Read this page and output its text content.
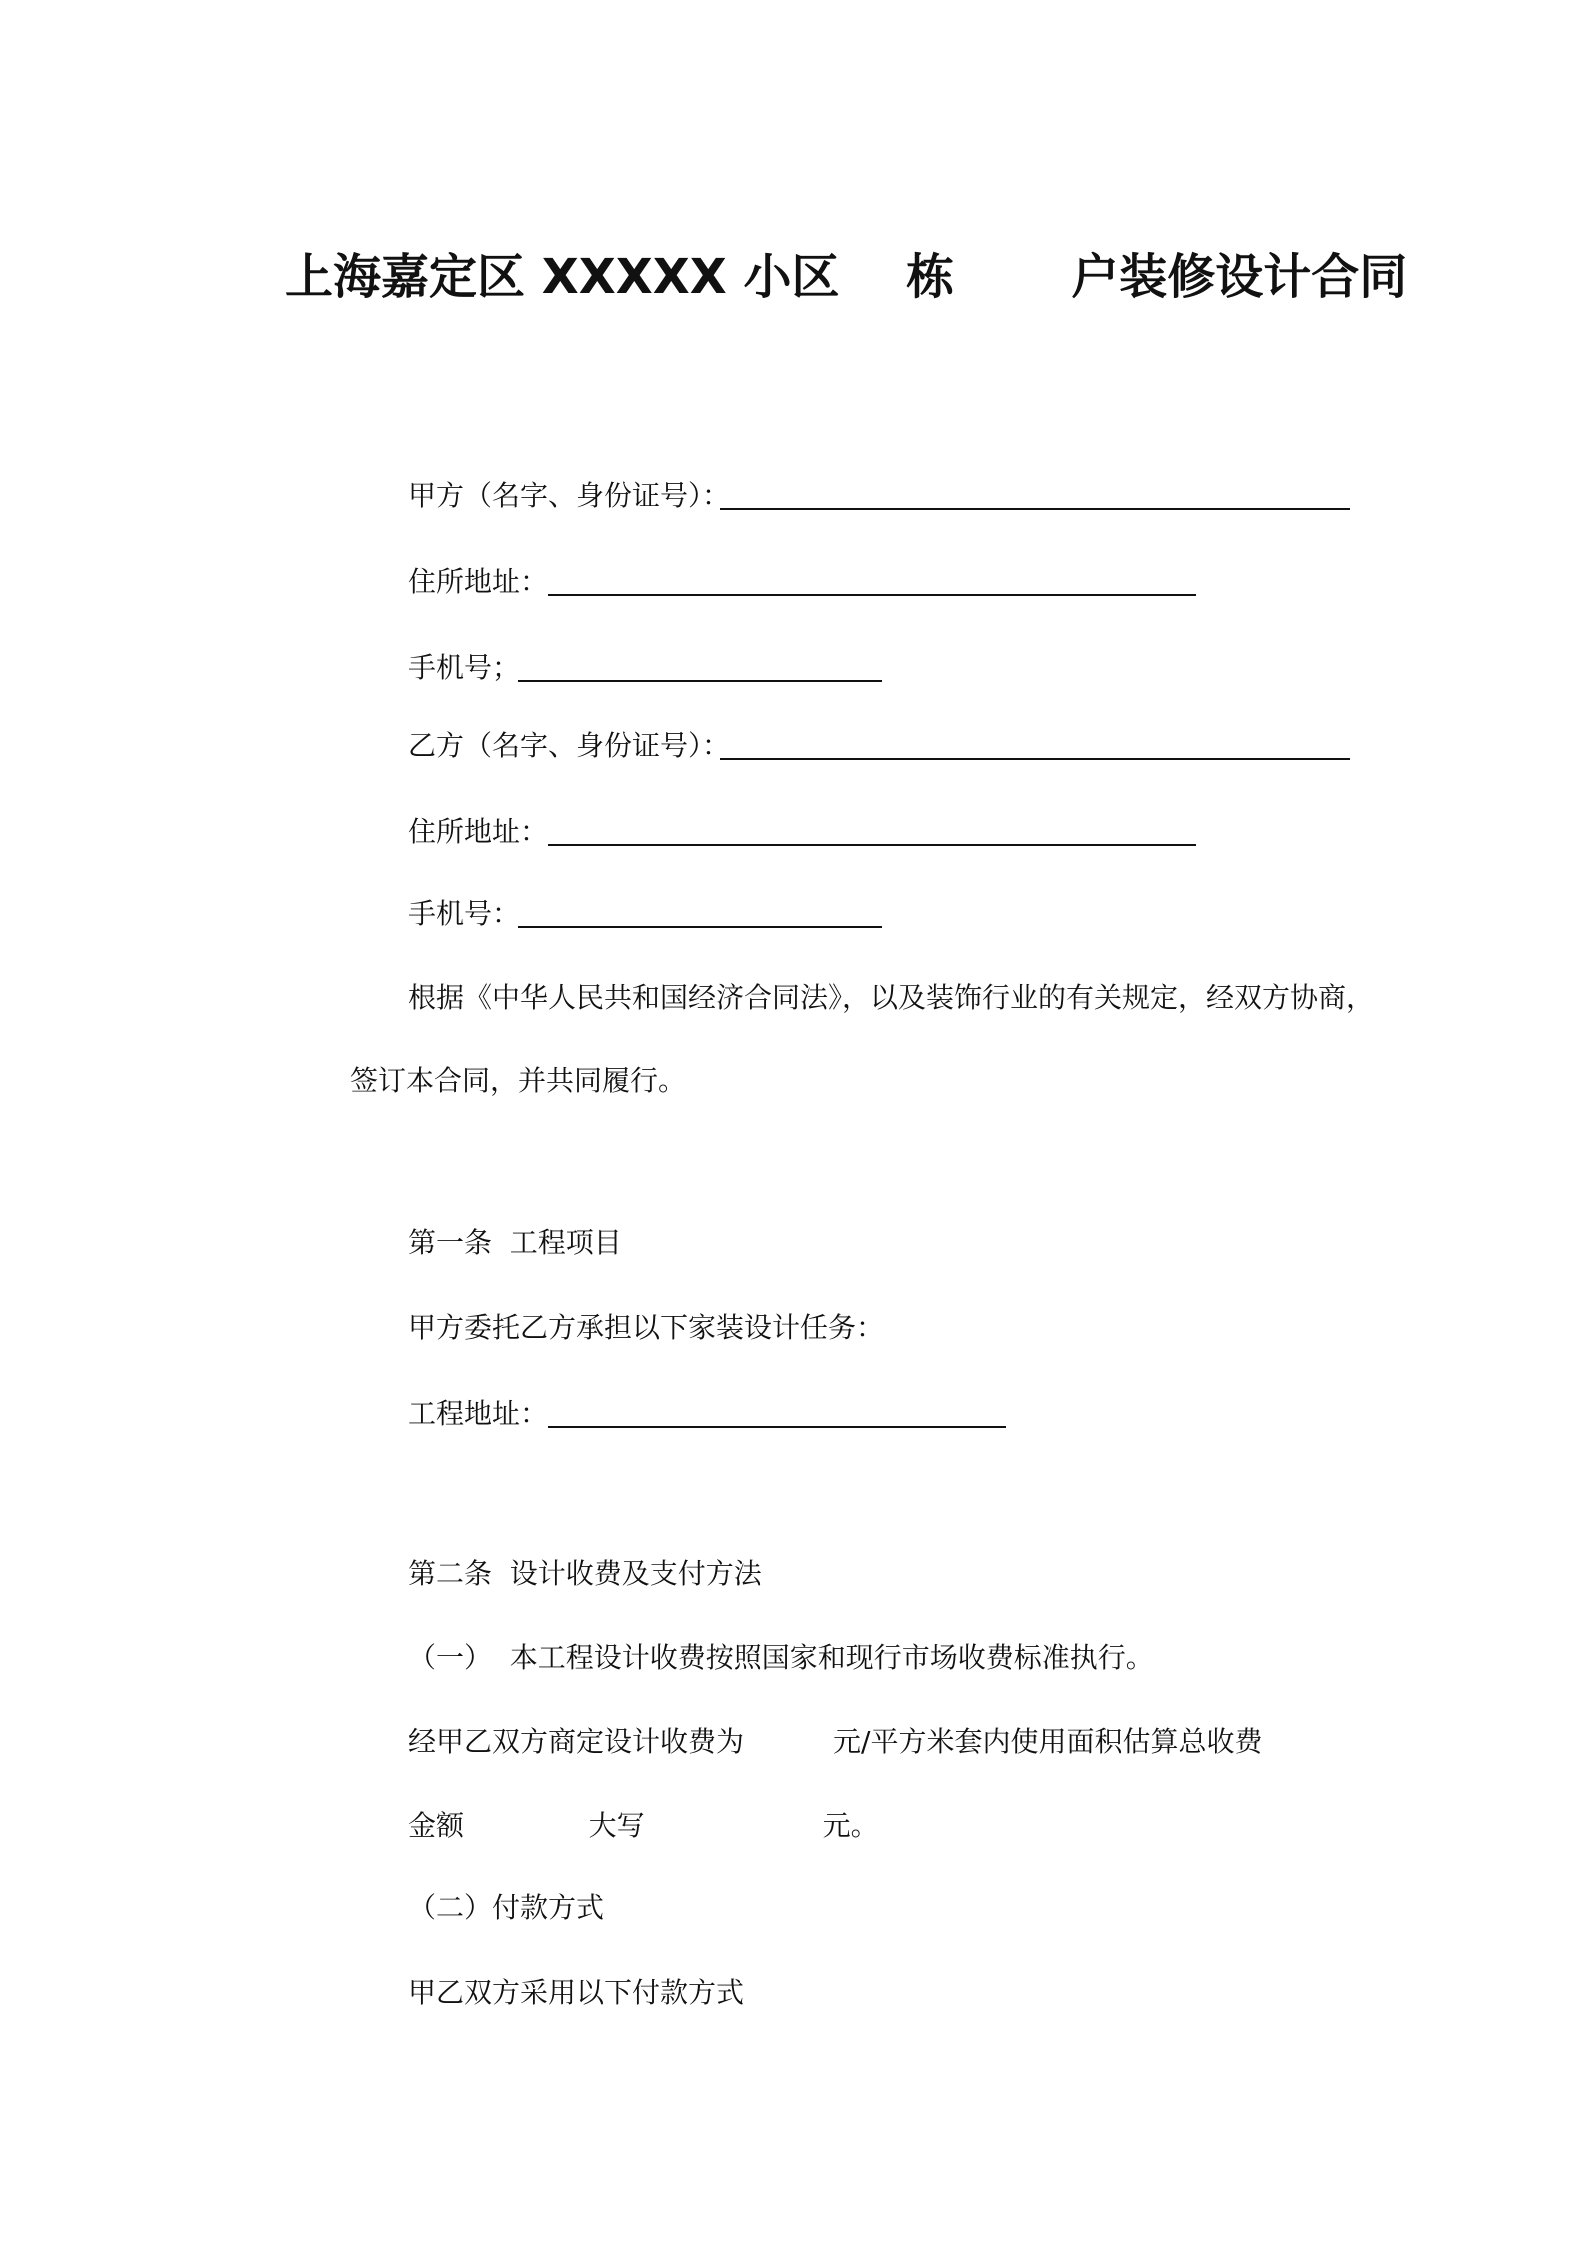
上海嘉定区 XXXXX 小区    栋       户装修设计合同
甲方（名字、身份证号）：
住所地址：
手机号；
乙方（名字、身份证号）：
住所地址：
手机号：
根据《中华人民共和国经济合同法》，以及装饰行业的有关规定，经双方协商，
签订本合同，并共同履行。
第一条  工程项目
甲方委托乙方承担以下家装设计任务：
工程地址：
第二条  设计收费及支付方法
（一）  本工程设计收费按照国家和现行市场收费标准执行。
经甲乙双方商定设计收费为          元/平方米套内使用面积估算总收费
金额              大写                    元。
（二）付款方式
甲乙双方采用以下付款方式
